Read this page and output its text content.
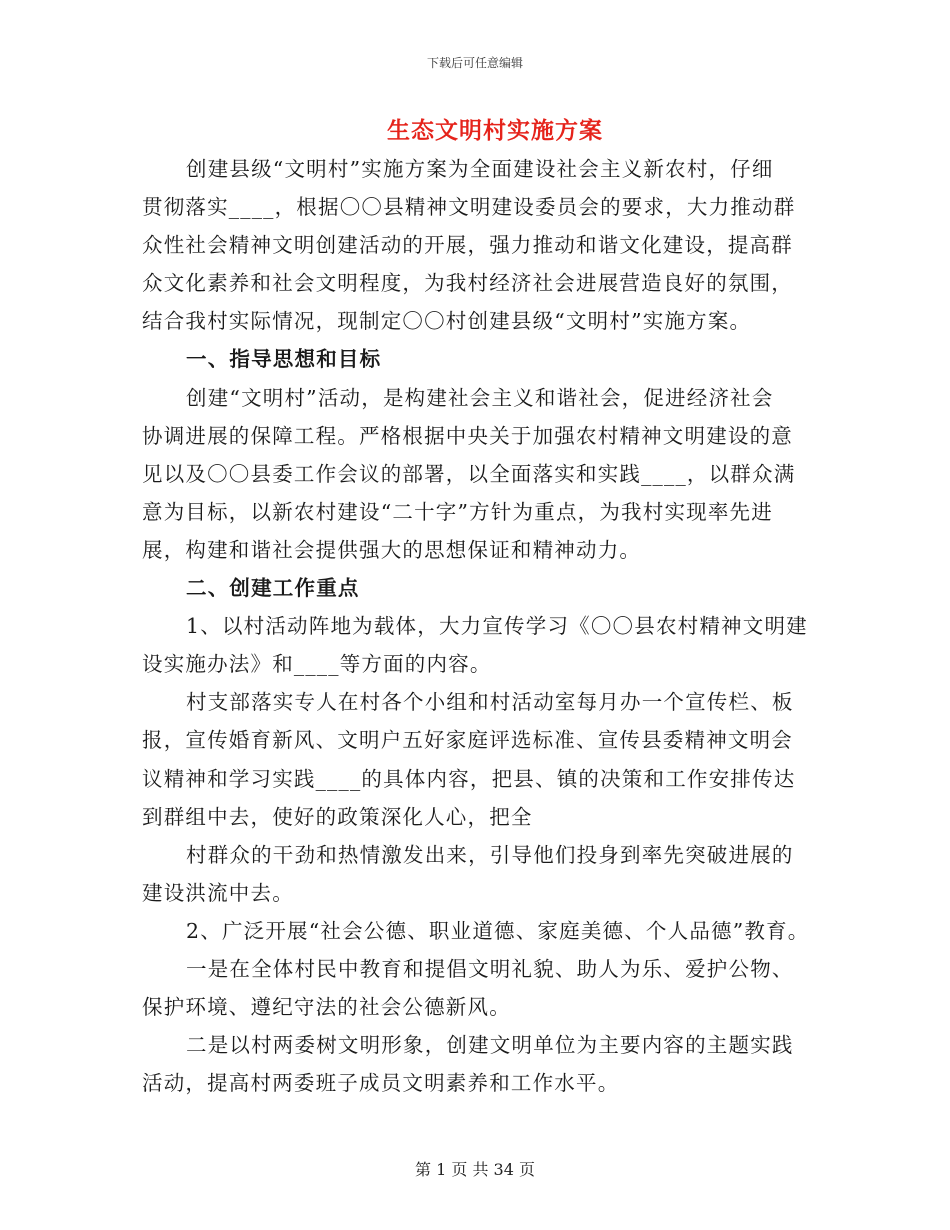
下载后可任意编辑
生态文明村实施方案
创建县级“文明村”实施方案为全面建设社会主义新农村，仔细
贯彻落实____，根据〇〇县精神文明建设委员会的要求，大力推动群
众性社会精神文明创建活动的开展，强力推动和谐文化建设，提高群
众文化素养和社会文明程度，为我村经济社会进展营造良好的氛围，
结合我村实际情况，现制定〇〇村创建县级“文明村”实施方案。
一、指导思想和目标
创建“文明村”活动，是构建社会主义和谐社会，促进经济社会
协调进展的保障工程。严格根据中央关于加强农村精神文明建设的意
见以及〇〇县委工作会议的部署，以全面落实和实践____，以群众满
意为目标，以新农村建设“二十字”方针为重点，为我村实现率先进
展，构建和谐社会提供强大的思想保证和精神动力。
二、创建工作重点
1、以村活动阵地为载体，大力宣传学习《〇〇县农村精神文明建
设实施办法》和____等方面的内容。
村支部落实专人在村各个小组和村活动室每月办一个宣传栏、板
报，宣传婚育新风、文明户五好家庭评选标准、宣传县委精神文明会
议精神和学习实践____的具体内容，把县、镇的决策和工作安排传达
到群组中去，使好的政策深化人心，把全
村群众的干劲和热情激发出来，引导他们投身到率先突破进展的
建设洪流中去。
2、广泛开展“社会公德、职业道德、家庭美德、个人品德”教育。
一是在全体村民中教育和提倡文明礼貌、助人为乐、爱护公物、
保护环境、遵纪守法的社会公德新风。
二是以村两委树文明形象，创建文明单位为主要内容的主题实践
活动，提高村两委班子成员文明素养和工作水平。
第 1 页 共 34 页
